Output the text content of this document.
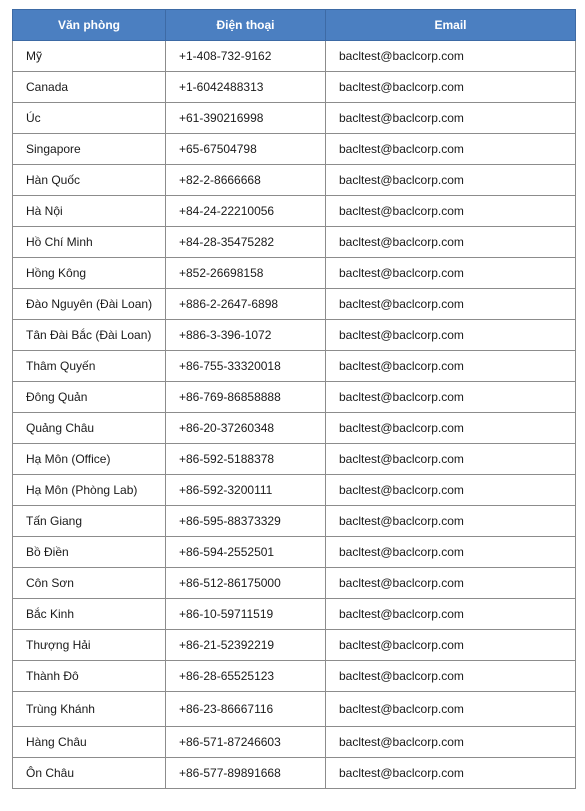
Văn phòng	Điện thoại	Email
Mỹ	+1-408-732-9162	bacltest@baclcorp.com
Canada	+1-6042488313	bacltest@baclcorp.com
Úc	+61-390216998	bacltest@baclcorp.com
Singapore	+65-67504798	bacltest@baclcorp.com
Hàn Quốc	+82-2-8666668	bacltest@baclcorp.com
Hà Nội	+84-24-22210056	bacltest@baclcorp.com
Hồ Chí Minh	+84-28-35475282	bacltest@baclcorp.com
Hồng Kông	+852-26698158	bacltest@baclcorp.com
Đào Nguyên (Đài Loan)	+886-2-2647-6898	bacltest@baclcorp.com
Tân Đài Bắc (Đài Loan)	+886-3-396-1072	bacltest@baclcorp.com
Thâm Quyến	+86-755-33320018	bacltest@baclcorp.com
Đông Quản	+86-769-86858888	bacltest@baclcorp.com
Quảng Châu	+86-20-37260348	bacltest@baclcorp.com
Hạ Môn (Office)	+86-592-5188378	bacltest@baclcorp.com
Hạ Môn (Phòng Lab)	+86-592-3200111	bacltest@baclcorp.com
Tấn Giang	+86-595-88373329	bacltest@baclcorp.com
Bồ Điền	+86-594-2552501	bacltest@baclcorp.com
Côn Sơn	+86-512-86175000	bacltest@baclcorp.com
Bắc Kinh	+86-10-59711519	bacltest@baclcorp.com
Thượng Hải	+86-21-52392219	bacltest@baclcorp.com
Thành Đô	+86-28-65525123	bacltest@baclcorp.com
Trùng Khánh	+86-23-86667116	bacltest@baclcorp.com
Hàng Châu	+86-571-87246603	bacltest@baclcorp.com
Ôn Châu	+86-577-89891668	bacltest@baclcorp.com
